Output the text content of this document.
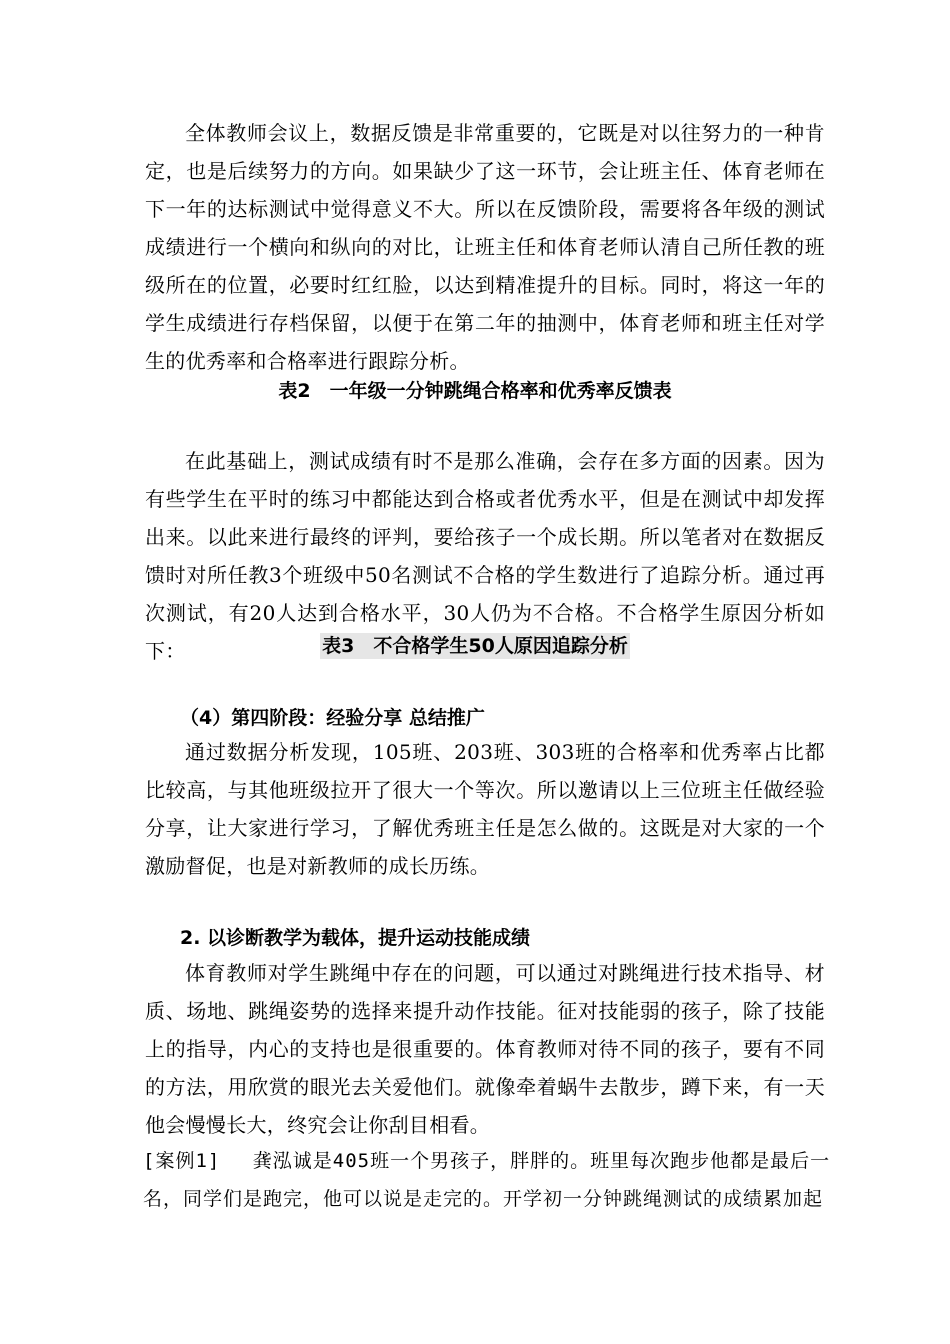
全体教师会议上，数据反馈是非常重要的，它既是对以往努力的一种肯定，也是后续努力的方向。如果缺少了这一环节，会让班主任、体育老师在下一年的达标测试中觉得意义不大。所以在反馈阶段，需要将各年级的测试成绩进行一个横向和纵向的对比，让班主任和体育老师认清自己所任教的班级所在的位置，必要时红红脸，以达到精准提升的目标。同时，将这一年的学生成绩进行存档保留，以便于在第二年的抽测中，体育老师和班主任对学生的优秀率和合格率进行跟踪分析。

表2　一年级一分钟跳绳合格率和优秀率反馈表

在此基础上，测试成绩有时不是那么准确，会存在多方面的因素。因为有些学生在平时的练习中都能达到合格或者优秀水平，但是在测试中却发挥出来。以此来进行最终的评判，要给孩子一个成长期。所以笔者对在数据反馈时对所任教3个班级中50名测试不合格的学生数进行了追踪分析。通过再次测试，有20人达到合格水平，30人仍为不合格。不合格学生原因分析如下：	表3　不合格学生50人原因追踪分析
（4）第四阶段：经验分享 总结推广

通过数据分析发现，105班、203班、303班的合格率和优秀率占比都比较高，与其他班级拉开了很大一个等次。所以邀请以上三位班主任做经验分享，让大家进行学习，了解优秀班主任是怎么做的。这既是对大家的一个激励督促，也是对新教师的成长历练。

2. 以诊断教学为载体，提升运动技能成绩

体育教师对学生跳绳中存在的问题，可以通过对跳绳进行技术指导、材质、场地、跳绳姿势的选择来提升动作技能。征对技能弱的孩子，除了技能上的指导，内心的支持也是很重要的。体育教师对待不同的孩子，要有不同的方法，用欣赏的眼光去关爱他们。就像牵着蜗牛去散步，蹲下来，有一天他会慢慢长大，终究会让你刮目相看。

[案例1]　 龚泓诚是405班一个男孩子，胖胖的。班里每次跑步他都是最后一

名，同学们是跑完，他可以说是走完的。开学初一分钟跳绳测试的成绩累加起
